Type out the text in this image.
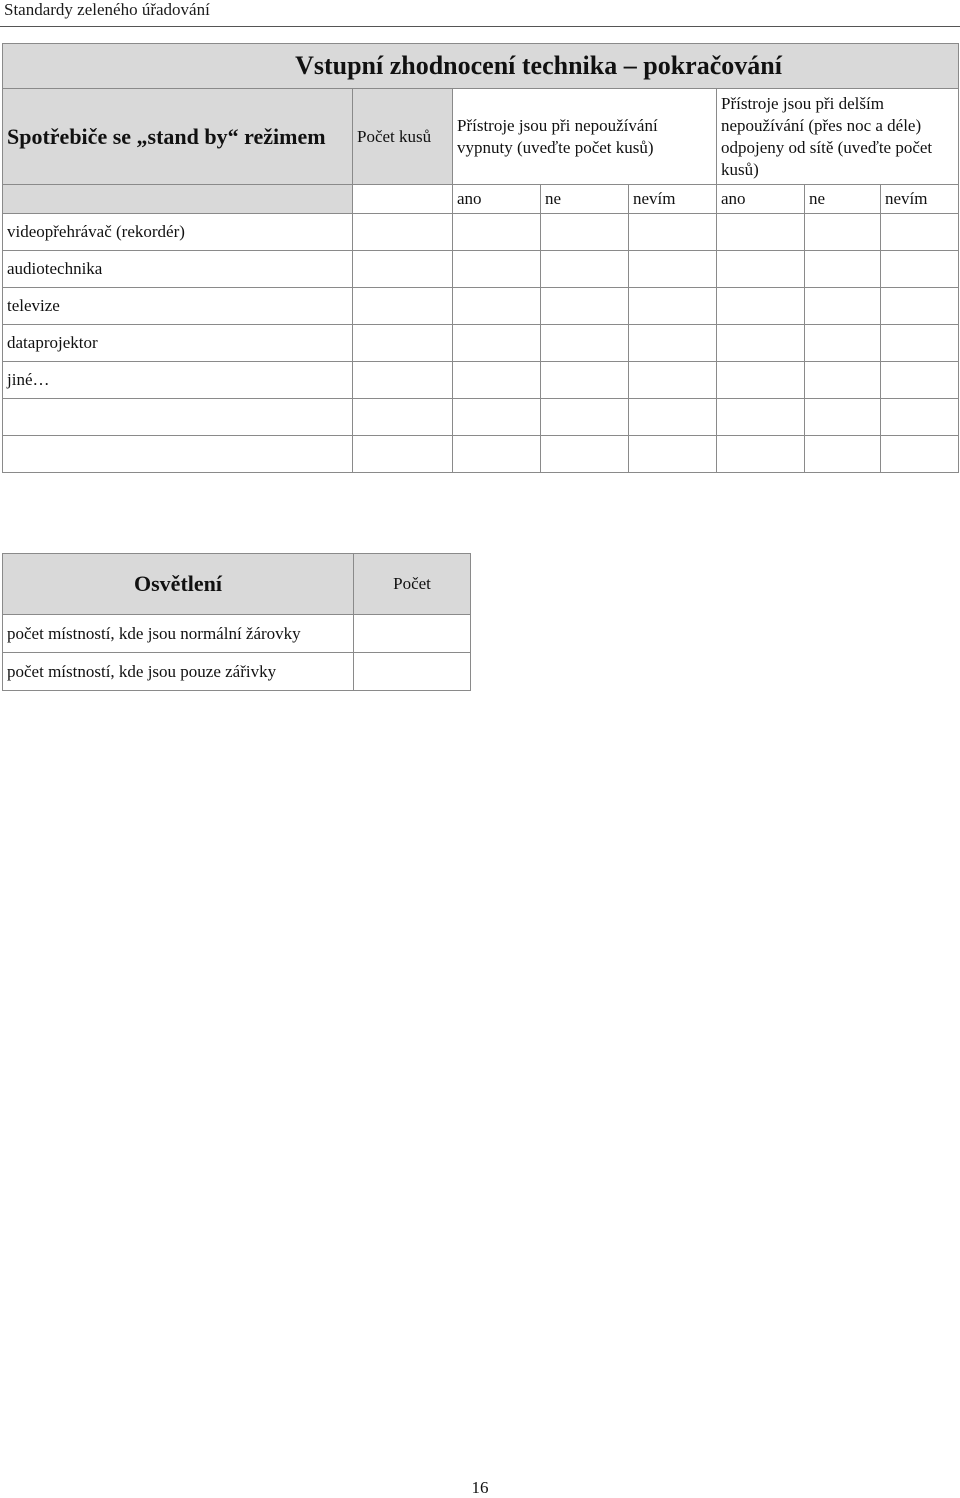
Standardy zeleného úřadování
Vstupní zhodnocení technika – pokračování							
Spotřebiče se „stand by“ režimem	Počet kusů	Přístroje jsou při nepoužívání vypnuty (uveďte počet kusů)			Přístroje jsou při delším nepoužívání (přes noc a déle) odpojeny od sítě (uveďte počet kusů)		
		ano	ne	nevím	ano	ne	nevím
videopřehrávač (rekordér)							
audiotechnika							
televize							
dataprojektor							
jiné…							

Osvětlení	Počet
počet místností, kde jsou normální žárovky	
počet místností, kde jsou pouze zářivky	
16
